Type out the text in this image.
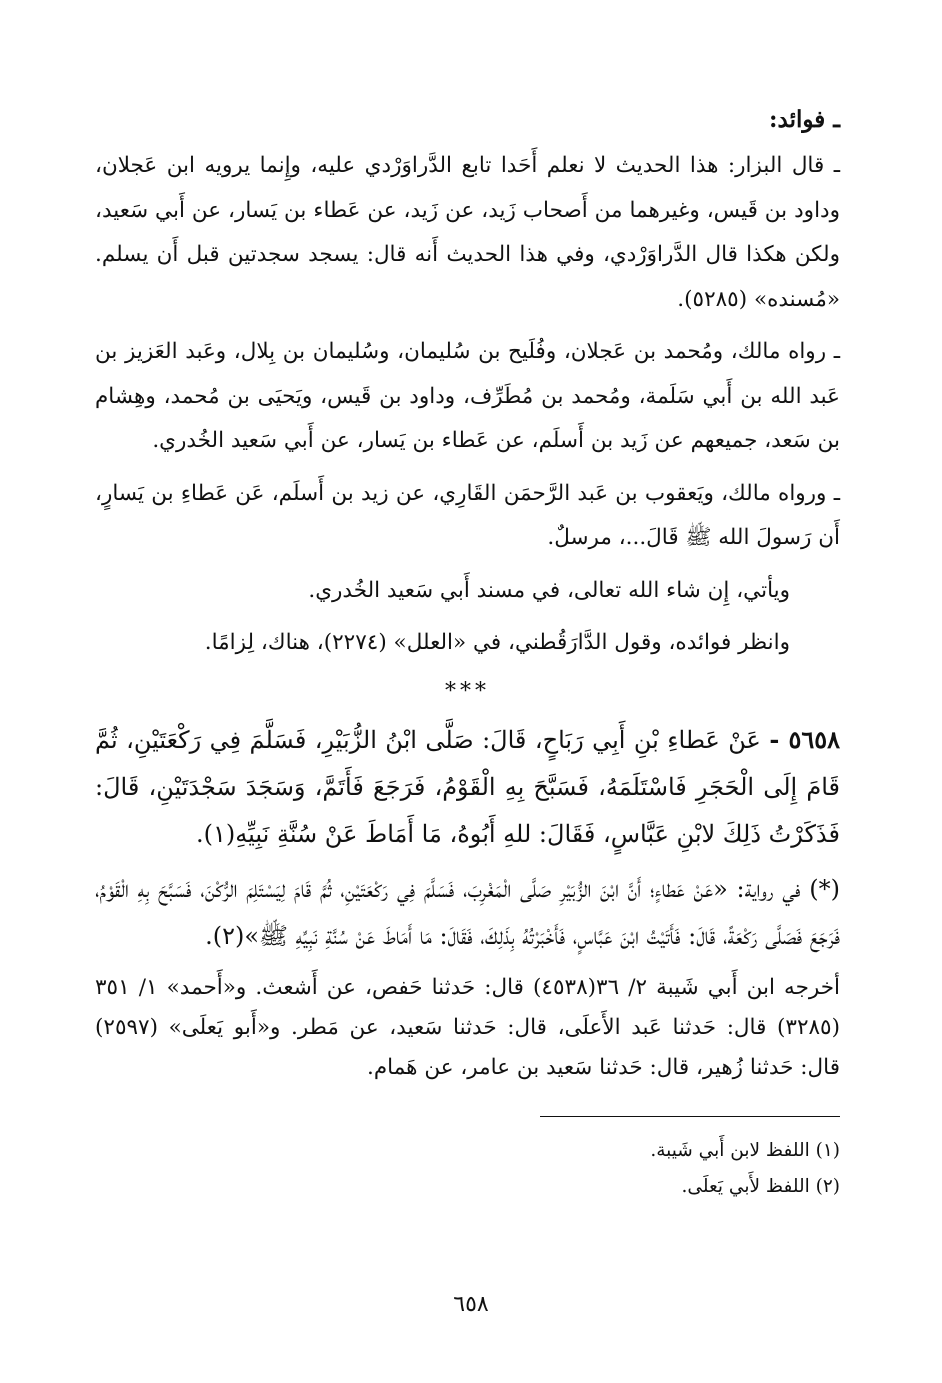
ـ فوائد:

ـ قال البزار: هذا الحديث لا نعلم أَحَدا تابع الدَّراوَرْدي عليه، وإِنما يرويه ابن عَجلان، وداود بن قَيس، وغيرهما من أَصحاب زَيد، عن زَيد، عن عَطاء بن يَسار، عن أَبي سَعيد، ولكن هكذا قال الدَّراوَرْدي، وفي هذا الحديث أَنه قال: يسجد سجدتين قبل أَن يسلم. «مُسنده» (٥٢٨٥).

ـ رواه مالك، ومُحمد بن عَجلان، وفُلَيح بن سُليمان، وسُليمان بن بِلال، وعَبد العَزيز بن عَبد الله بن أَبي سَلَمة، ومُحمد بن مُطَرِّف، وداود بن قَيس، ويَحيَى بن مُحمد، وهِشام بن سَعد، جميعهم عن زَيد بن أَسلَم، عن عَطاء بن يَسار، عن أَبي سَعيد الخُدري.

ـ ورواه مالك، ويَعقوب بن عَبد الرَّحمَن القَارِي، عن زيد بن أَسلَم، عَن عَطاءِ بن يَسارٍ، أَن رَسولَ الله ﷺ قَالَ...، مرسلٌ.

ويأتي، إِن شاء الله تعالى، في مسند أَبي سَعيد الخُدري.

وانظر فوائده، وقول الدَّارَقُطني، في «العلل» (٢٢٧٤)، هناك، لِزامًا.

***

٥٦٥٨ - عَنْ عَطاءِ بْنِ أَبِي رَبَاحٍ، قَالَ: صَلَّى ابْنُ الزُّبَيْرِ، فَسَلَّمَ فِي رَكْعَتَيْنِ، ثُمَّ قَامَ إِلَى الْحَجَرِ فَاسْتَلَمَهُ، فَسَبَّحَ بِهِ الْقَوْمُ، فَرَجَعَ فَأَتَمَّ، وَسَجَدَ سَجْدَتَيْنِ، قَالَ: فَذَكَرْتُ ذَلِكَ لابْنِ عَبَّاسٍ، فَقَالَ: للهِ أَبُوهُ، مَا أَمَاطَ عَنْ سُنَّةِ نَبِيِّهِ(١).

(*) في رواية: «عَنْ عَطاءٍ؛ أَنَّ ابْنَ الزُّبَيْرِ صَلَّى الْمَغْرِبَ، فَسَلَّمَ فِي رَكْعَتَيْنِ، ثُمَّ قَامَ لِيَسْتَلِمَ الرُّكْنَ، فَسَبَّحَ بِهِ الْقَوْمُ، فَرَجَعَ فَصَلَّى رَكْعَةً، قَالَ: فَأَتَيْتُ ابْنَ عَبَّاسٍ، فَأَخْبَرْتُهُ بِذَلِكَ، فَقَالَ: مَا أَمَاطَ عَنْ سُنَّةِ نَبِيِّهِ ﷺ»(٢).

أخرجه ابن أَبي شَيبة ٢/ ٣٦(٤٥٣٨) قال: حَدثنا حَفص، عن أَشعث. و«أَحمد» ١/ ٣٥١ (٣٢٨٥) قال: حَدثنا عَبد الأَعلَى، قال: حَدثنا سَعيد، عن مَطر. و«أَبو يَعلَى» (٢٥٩٧) قال: حَدثنا زُهير، قال: حَدثنا سَعيد بن عامر، عن هَمام.

(١) اللفظ لابن أَبي شَيبة.

(٢) اللفظ لأَبي يَعلَى.

٦٥٨
